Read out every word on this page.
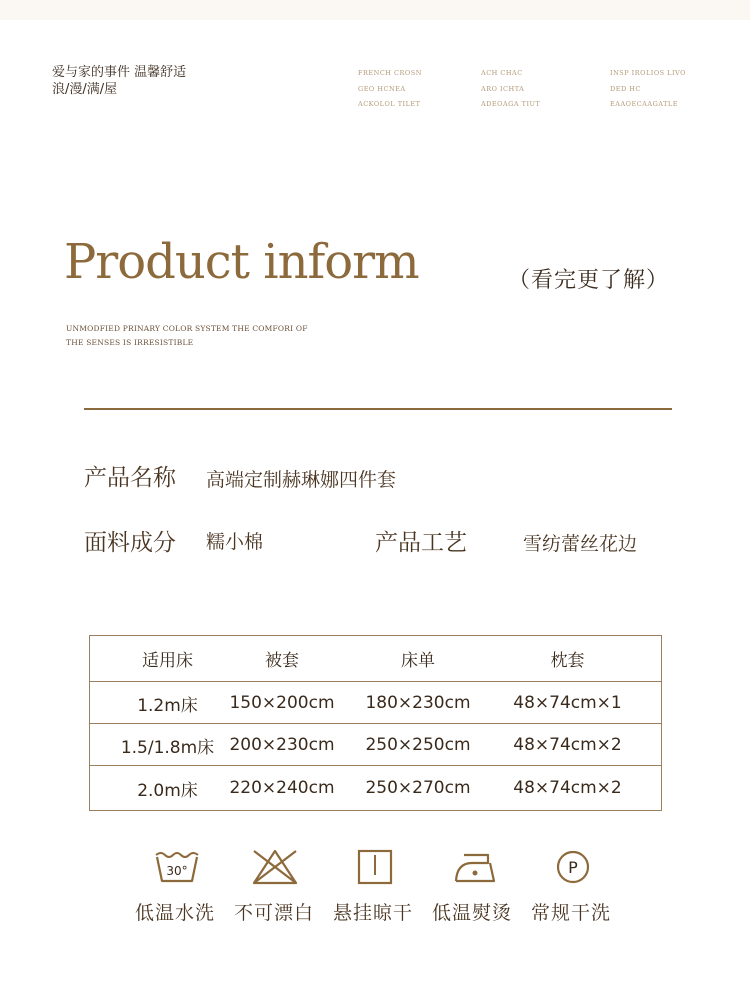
爱与家的事件 温馨舒适
浪/漫/满/屋
FRENCH CROSN
GEO HCNEA
ACKOLOL TILET
ACH CHAC
ARO ICHTA
ADEOAGA TIUT
INSP IROLIOS LIVO
DED HC
EAAOECAAGATLE
Product inform	（看完更了解）
UNMODFIED PRINARY COLOR SYSTEM THE COMFORI OF
THE SENSES IS IRRESISTIBLE
产品名称 高端定制赫琳娜四件套
面料成分 糯小棉	产品工艺	雪纺蕾丝花边
适用床	被套	床单	枕套
1.2m床	150×200cm	180×230cm	48×74cm×1
1.5/1.8m床 200×230cm	250×250cm	48×74cm×2
2.0m床	220×240cm	250×270cm	48×74cm×2
30°	P
低温水洗 不可漂白 悬挂晾干 低温熨烫 常规干洗
